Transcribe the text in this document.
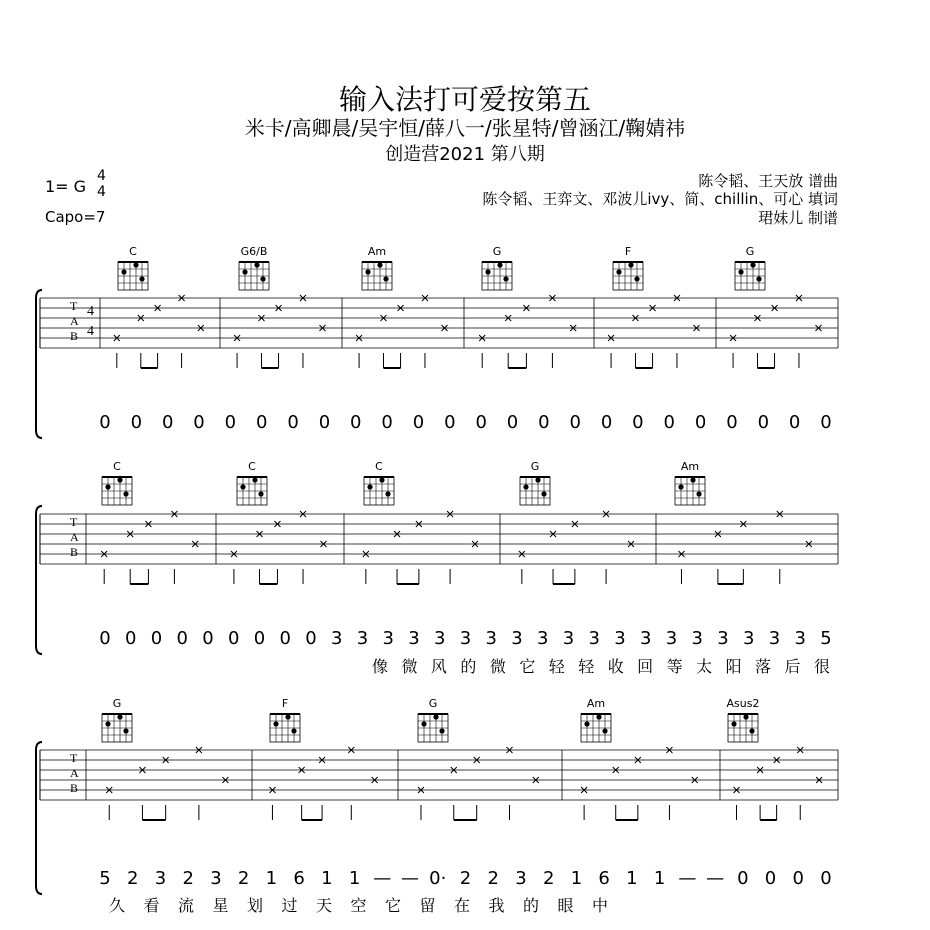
输入法打可爱按第五
米卡/高卿晨/吴宇恒/薛八一/张星特/曾涵江/鞠婧祎
创造营2021 第八期
1= G
4
4
Capo=7
陈令韬、王天放 谱曲
陈令韬、王弈文、邓波儿ivy、简、chillin、可心 填词
珺妹儿 制谱
C	G6/B	Am	G	F	G
C	C	C	G	Am
G	F	G	Am	Asus2
T
A
B
4
4
T
A
B
T
A
B
0	0	0	0	0	0	0	0	0	0	0	0	0	0	0	0	0	0	0	0	0	0	0	0
0 0 0 0 0 0 0 0 0 3 3 3 3 3 3 3 3 3 3 3 3 3 3 3 3 3 3 3 5
像 微 风 的 微 它 轻 轻 收 回 等 太 阳 落 后 很
5 2 3 2 3 2 1 6 1 1 — — 0· 2 2 3 2 1 6 1 1 — — 0 0 0 0
久 看 流 星 划 过 天 空 它 留 在 我 的 眼 中
